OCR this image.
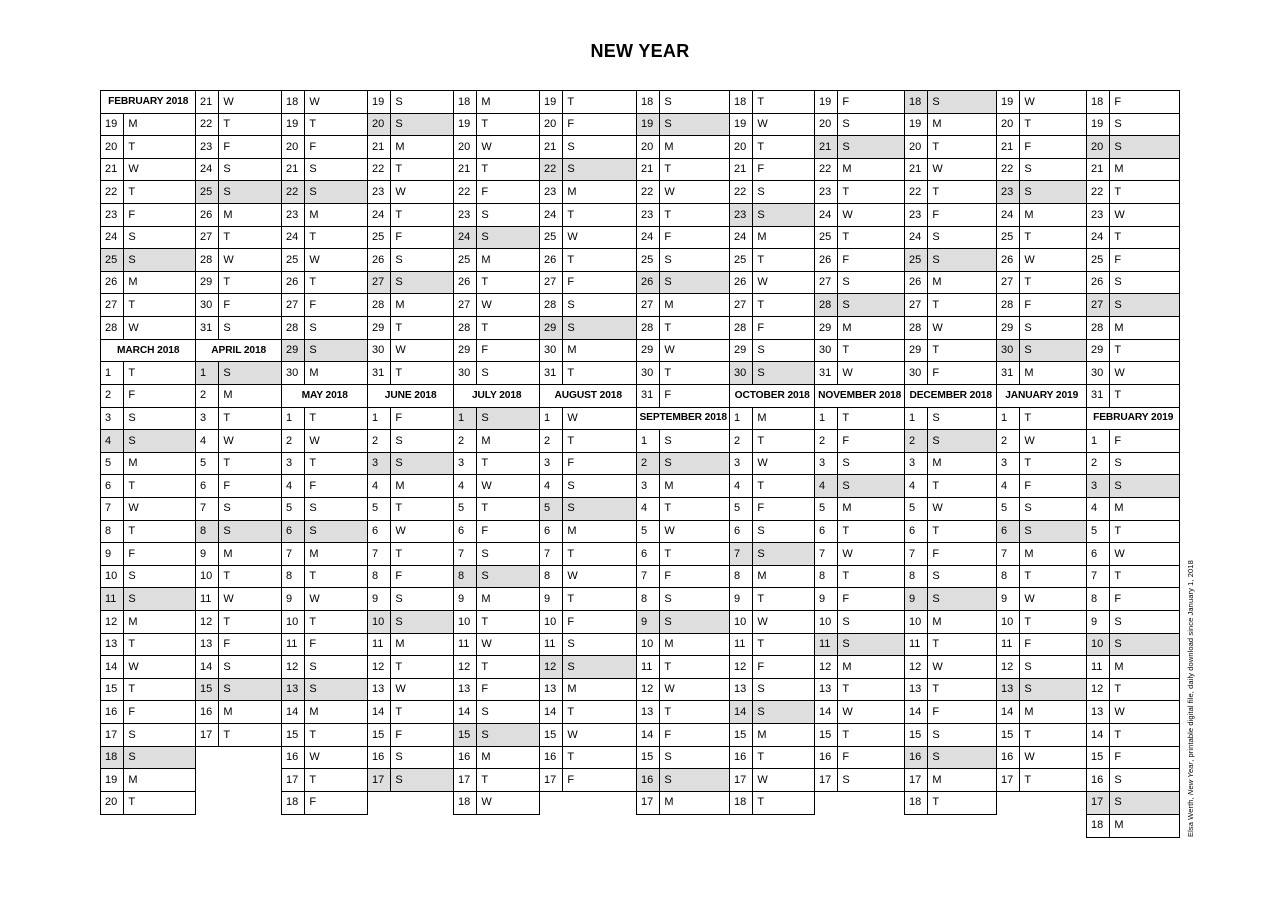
NEW YEAR
FEBRUARY 2018
19	M
20	T
21	W
22	T
23	F
24	S
25	S
26	M
27	T
28	W
MARCH 2018
1	T
2	F
3	S
4	S
5	M
6	T
7	W
8	T
9	F
10	S
11	S
12	M
13	T
14	W
15	T
16	F
17	S
18	S
19	M
20	T
21	W
22	T
23	F
24	S
25	S
26	M
27	T
28	W
29	T
30	F
31	S
APRIL 2018
1	S
2	M
3	T
4	W
5	T
6	F
7	S
8	S
9	M
10	T
11	W
12	T
13	F
14	S
15	S
16	M
17	T
18	W
19	T
20	F
21	S
22	S
23	M
24	T
25	W
26	T
27	F
28	S
29	S
30	M
MAY 2018
1	T
2	W
3	T
4	F
5	S
6	S
7	M
8	T
9	W
10	T
11	F
12	S
13	S
14	M
15	T
16	W
17	T
18	F
19	S
20	S
21	M
22	T
23	W
24	T
25	F
26	S
27	S
28	M
29	T
30	W
31	T
JUNE 2018
1	F
2	S
3	S
4	M
5	T
6	W
7	T
8	F
9	S
10	S
11	M
12	T
13	W
14	T
15	F
16	S
17	S
18	M
19	T
20	W
21	T
22	F
23	S
24	S
25	M
26	T
27	W
28	T
29	F
30	S
JULY 2018
1	S
2	M
3	T
4	W
5	T
6	F
7	S
8	S
9	M
10	T
11	W
12	T
13	F
14	S
15	S
16	M
17	T
18	W
19	T
20	F
21	S
22	S
23	M
24	T
25	W
26	T
27	F
28	S
29	S
30	M
31	T
AUGUST 2018
1	W
2	T
3	F
4	S
5	S
6	M
7	T
8	W
9	T
10	F
11	S
12	S
13	M
14	T
15	W
16	T
17	F
18	S
19	S
20	M
21	T
22	W
23	T
24	F
25	S
26	S
27	M
28	T
29	W
30	T
31	F
SEPTEMBER 2018
1	S
2	S
3	M
4	T
5	W
6	T
7	F
8	S
9	S
10	M
11	T
12	W
13	T
14	F
15	S
16	S
17	M
18	T
19	W
20	T
21	F
22	S
23	S
24	M
25	T
26	W
27	T
28	F
29	S
30	S
OCTOBER 2018
1	M
2	T
3	W
4	T
5	F
6	S
7	S
8	M
9	T
10	W
11	T
12	F
13	S
14	S
15	M
16	T
17	W
18	T
19	F
20	S
21	S
22	M
23	T
24	W
25	T
26	F
27	S
28	S
29	M
30	T
31	W
NOVEMBER 2018
1	T
2	F
3	S
4	S
5	M
6	T
7	W
8	T
9	F
10	S
11	S
12	M
13	T
14	W
15	T
16	F
17	S
18	S
19	M
20	T
21	W
22	T
23	F
24	S
25	S
26	M
27	T
28	W
29	T
30	F
DECEMBER 2018
1	S
2	S
3	M
4	T
5	W
6	T
7	F
8	S
9	S
10	M
11	T
12	W
13	T
14	F
15	S
16	S
17	M
18	T
19	W
20	T
21	F
22	S
23	S
24	M
25	T
26	W
27	T
28	F
29	S
30	S
31	M
JANUARY 2019
1	T
2	W
3	T
4	F
5	S
6	S
7	M
8	T
9	W
10	T
11	F
12	S
13	S
14	M
15	T
16	W
17	T
18	F
19	S
20	S
21	M
22	T
23	W
24	T
25	F
26	S
27	S
28	M
29	T
30	W
31	T
FEBRUARY 2019
1	F
2	S
3	S
4	M
5	T
6	W
7	T
8	F
9	S
10	S
11	M
12	T
13	W
14	T
15	F
16	S
17	S
18	M	Elsa Werth, New Year, printable digital file, daily download since January 1, 2018
